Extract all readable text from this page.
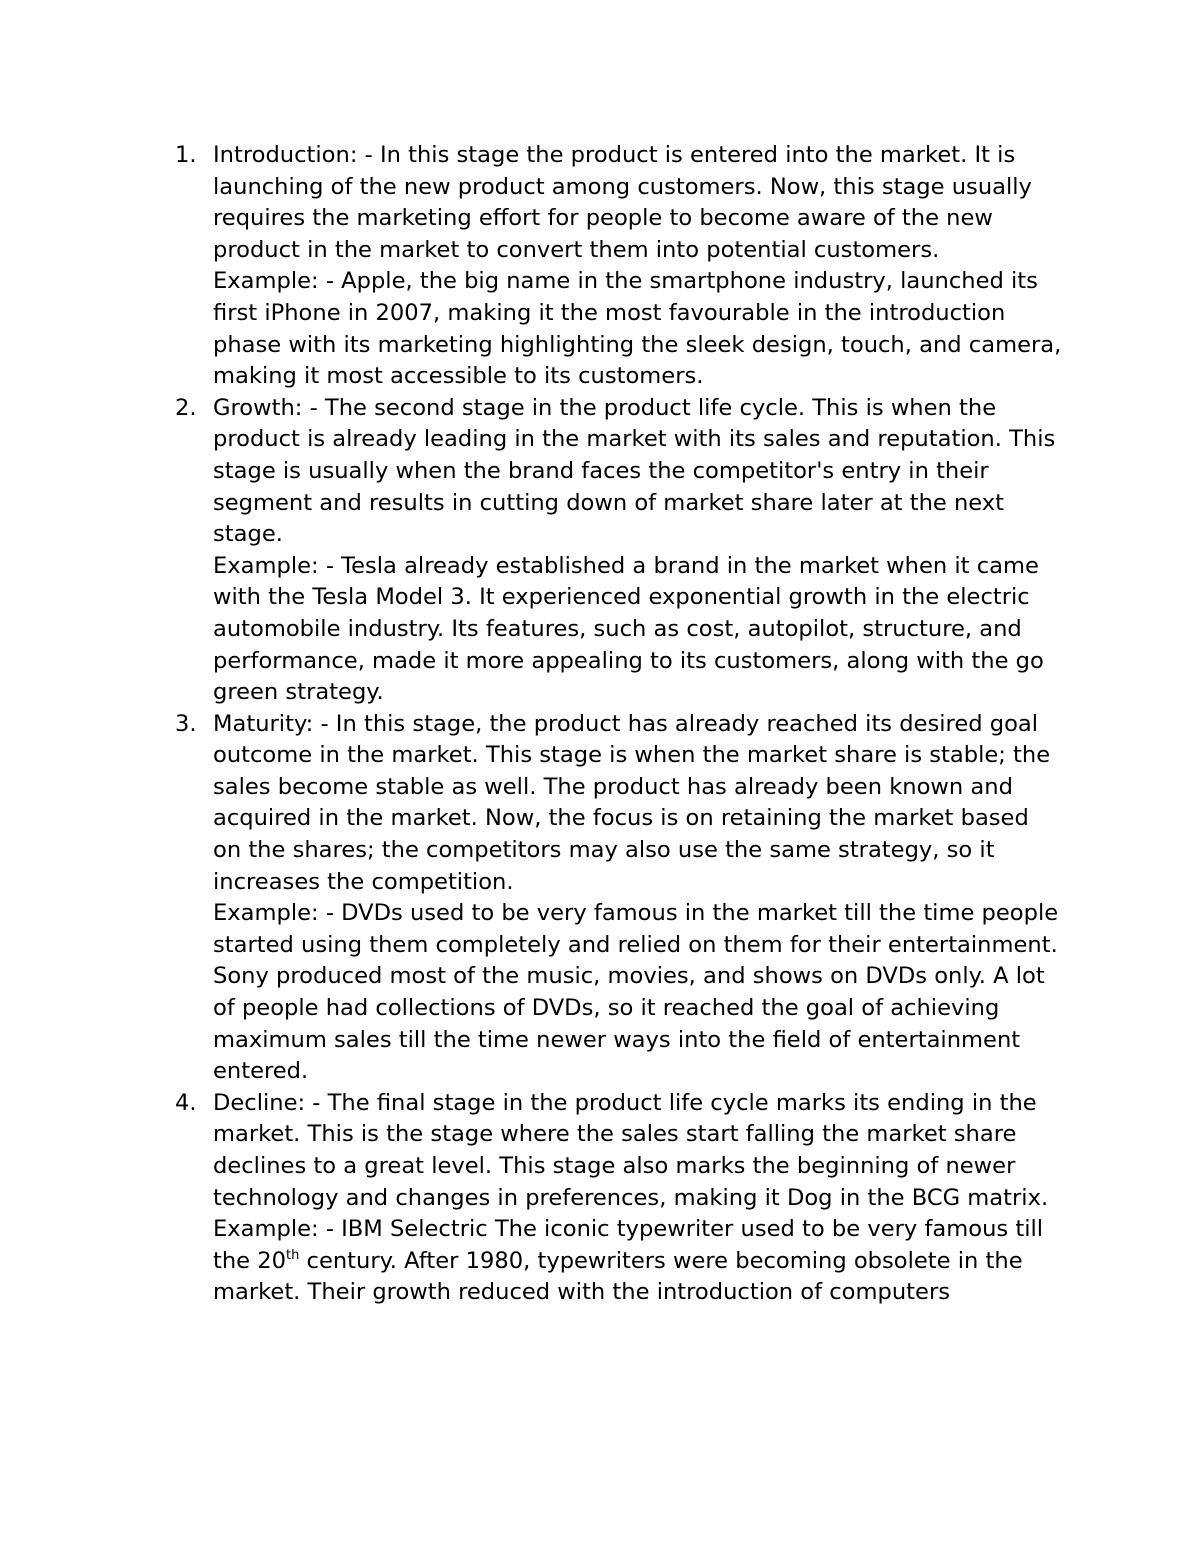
1. Introduction: - In this stage the product is entered into the market. It is launching of the new product among customers. Now, this stage usually requires the marketing effort for people to become aware of the new product in the market to convert them into potential customers.

Example: - Apple, the big name in the smartphone industry, launched its first iPhone in 2007, making it the most favourable in the introduction phase with its marketing highlighting the sleek design, touch, and camera, making it most accessible to its customers.

2. Growth: - The second stage in the product life cycle. This is when the product is already leading in the market with its sales and reputation. This stage is usually when the brand faces the competitor's entry in their segment and results in cutting down of market share later at the next stage.

Example: - Tesla already established a brand in the market when it came with the Tesla Model 3. It experienced exponential growth in the electric automobile industry. Its features, such as cost, autopilot, structure, and performance, made it more appealing to its customers, along with the go green strategy.

3. Maturity: - In this stage, the product has already reached its desired goal outcome in the market. This stage is when the market share is stable; the sales become stable as well. The product has already been known and acquired in the market. Now, the focus is on retaining the market based on the shares; the competitors may also use the same strategy, so it increases the competition.

Example: - DVDs used to be very famous in the market till the time people started using them completely and relied on them for their entertainment. Sony produced most of the music, movies, and shows on DVDs only. A lot of people had collections of DVDs, so it reached the goal of achieving maximum sales till the time newer ways into the field of entertainment entered.

4. Decline: - The final stage in the product life cycle marks its ending in the market. This is the stage where the sales start falling the market share declines to a great level. This stage also marks the beginning of newer technology and changes in preferences, making it Dog in the BCG matrix.

Example: - IBM Selectric The iconic typewriter used to be very famous till the 20th century. After 1980, typewriters were becoming obsolete in the market. Their growth reduced with the introduction of computers
